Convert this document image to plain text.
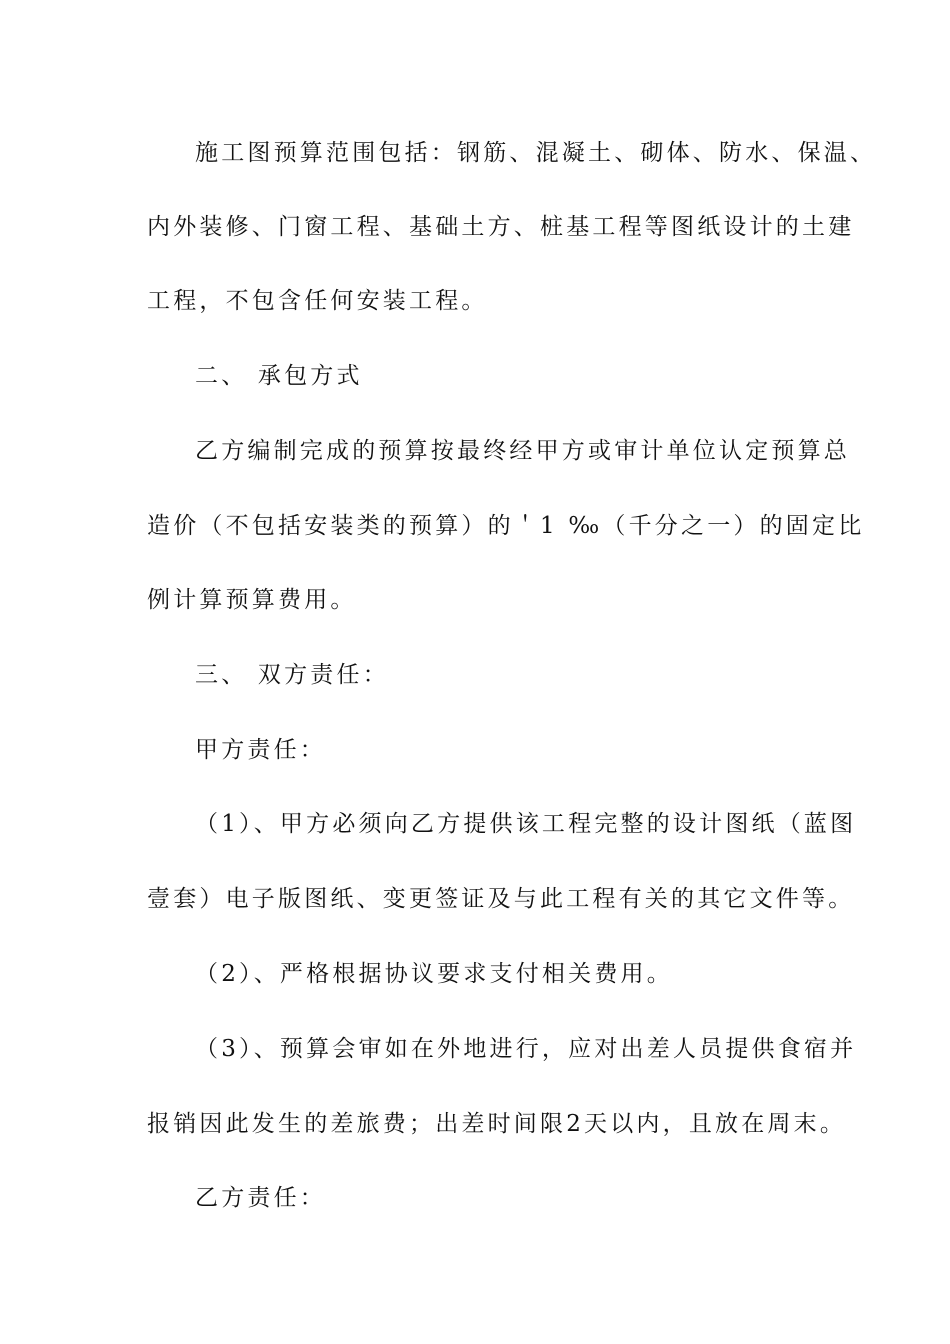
施工图预算范围包括：钢筋、混凝土、砌体、防水、保温、
内外装修、门窗工程、基础土方、桩基工程等图纸设计的土建
工程，不包含任何安装工程。
二、 承包方式
乙方编制完成的预算按最终经甲方或审计单位认定预算总
造价（不包括安装类的预算）的＇1 ‰（千分之一）的固定比
例计算预算费用。
三、 双方责任：
甲方责任：
（1）、甲方必须向乙方提供该工程完整的设计图纸（蓝图
壹套）电子版图纸、变更签证及与此工程有关的其它文件等。
（2）、严格根据协议要求支付相关费用。
（3）、预算会审如在外地进行，应对出差人员提供食宿并
报销因此发生的差旅费；出差时间限2天以内，且放在周末。
乙方责任：
